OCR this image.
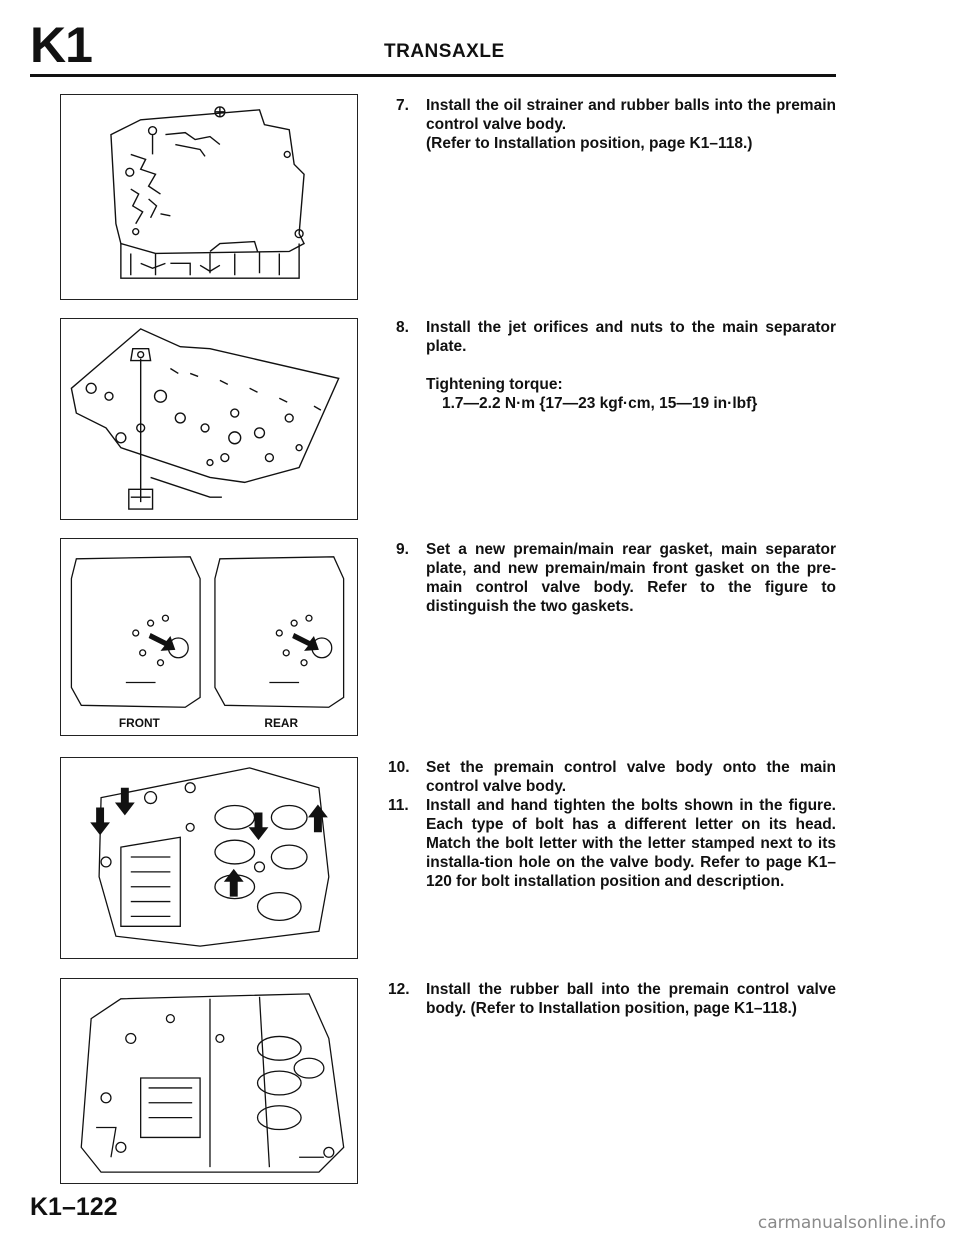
K1	TRANSAXLE
7. Install the oil strainer and rubber balls into the premain control valve body.
(Refer to Installation position, page K1–118.)
8. Install the jet orifices and nuts to the main separator plate.
Tightening torque:
1.7—2.2 N·m {17—23 kgf·cm, 15—19 in·lbf}
FRONT	REAR
9. Set a new premain/main rear gasket, main separator plate, and new premain/main front gasket on the pre-main control valve body. Refer to the figure to distinguish the two gaskets.
10. Set the premain control valve body onto the main control valve body.
11. Install and hand tighten the bolts shown in the figure. Each type of bolt has a different letter on its head. Match the bolt letter with the letter stamped next to its installa-tion hole on the valve body. Refer to page K1–120 for bolt installation position and description.
12. Install the rubber ball into the premain control valve body. (Refer to Installation position, page K1–118.)
K1–122
carmanualsonline.info
